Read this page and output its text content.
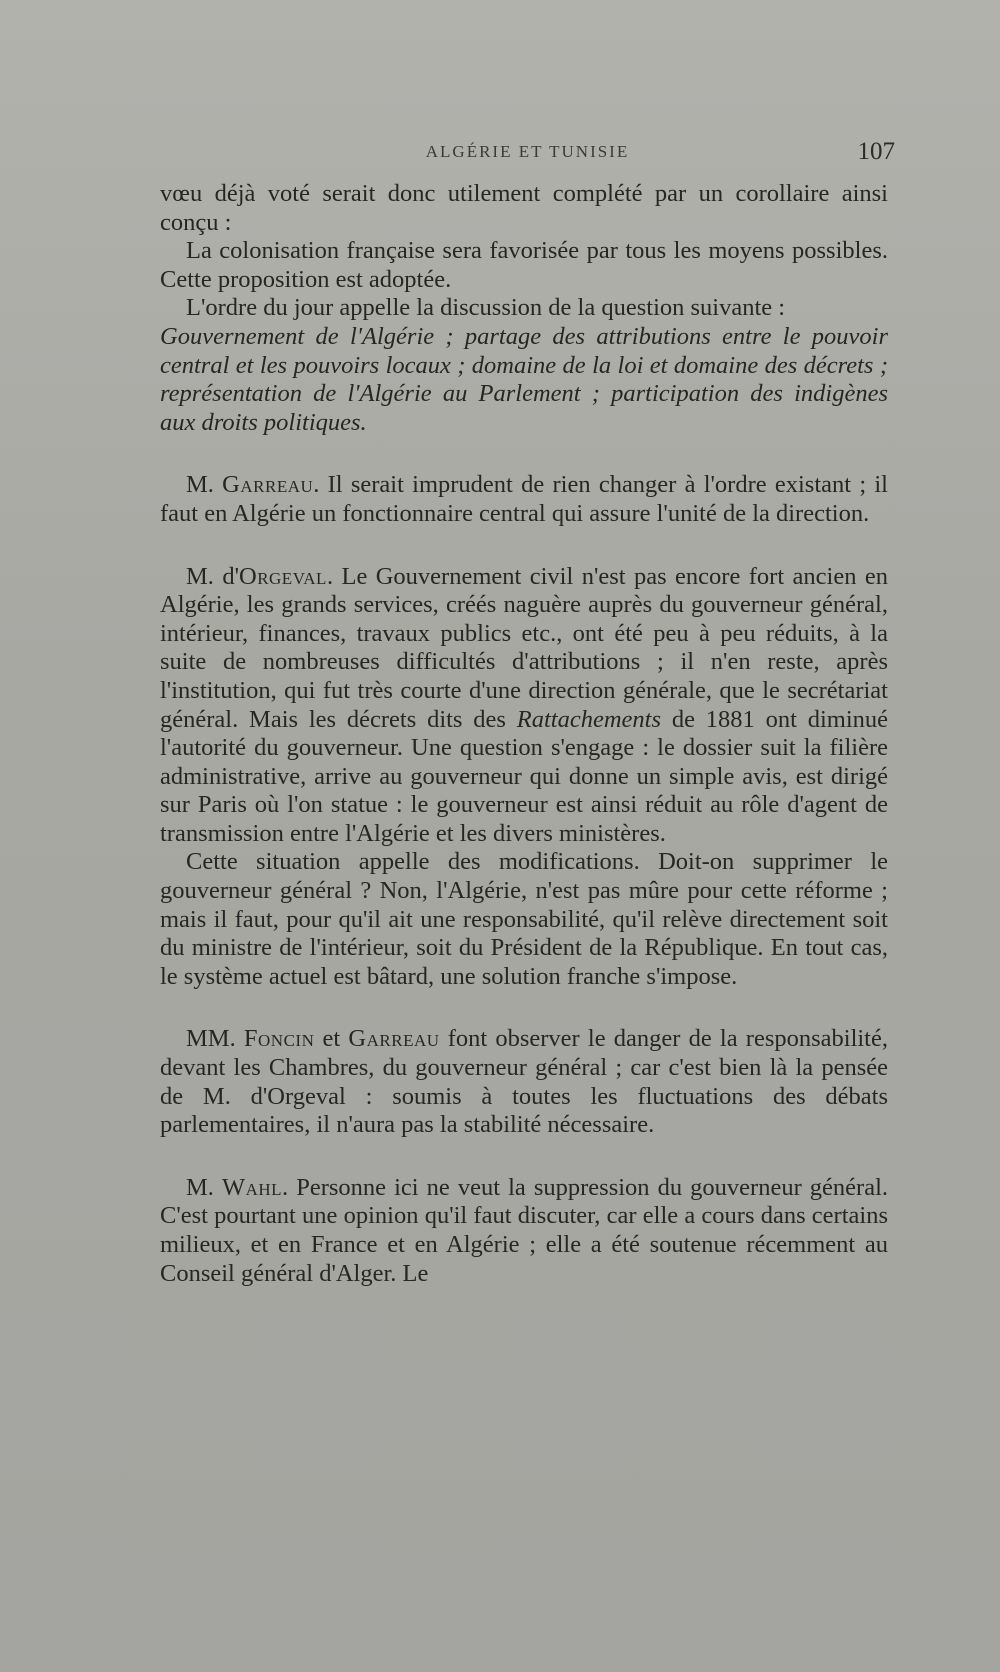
ALGÉRIE ET TUNISIE	107

vœu déjà voté serait donc utilement complété par un corollaire ainsi conçu :

La colonisation française sera favorisée par tous les moyens possibles. Cette proposition est adoptée.

L'ordre du jour appelle la discussion de la question suivante :

Gouvernement de l'Algérie ; partage des attributions entre le pouvoir central et les pouvoirs locaux ; domaine de la loi et domaine des décrets ; représentation de l'Algérie au Parlement ; participation des indigènes aux droits politiques.

M. Garreau. Il serait imprudent de rien changer à l'ordre existant ; il faut en Algérie un fonctionnaire central qui assure l'unité de la direction.

M. d'Orgeval. Le Gouvernement civil n'est pas encore fort ancien en Algérie, les grands services, créés naguère auprès du gouverneur général, intérieur, finances, travaux publics etc., ont été peu à peu réduits, à la suite de nombreuses difficultés d'attributions ; il n'en reste, après l'institution, qui fut très courte d'une direction générale, que le secrétariat général. Mais les décrets dits des Rattachements de 1881 ont diminué l'autorité du gouverneur. Une question s'engage : le dossier suit la filière administrative, arrive au gouverneur qui donne un simple avis, est dirigé sur Paris où l'on statue : le gouverneur est ainsi réduit au rôle d'agent de transmission entre l'Algérie et les divers ministères.

Cette situation appelle des modifications. Doit-on supprimer le gouverneur général ? Non, l'Algérie, n'est pas mûre pour cette réforme ; mais il faut, pour qu'il ait une responsabilité, qu'il relève directement soit du ministre de l'intérieur, soit du Président de la République. En tout cas, le système actuel est bâtard, une solution franche s'impose.

MM. Foncin et Garreau font observer le danger de la responsabilité, devant les Chambres, du gouverneur général ; car c'est bien là la pensée de M. d'Orgeval : soumis à toutes les fluctuations des débats parlementaires, il n'aura pas la stabilité nécessaire.

M. Wahl. Personne ici ne veut la suppression du gouverneur général. C'est pourtant une opinion qu'il faut discuter, car elle a cours dans certains milieux, et en France et en Algérie ; elle a été soutenue récemment au Conseil général d'Alger. Le
